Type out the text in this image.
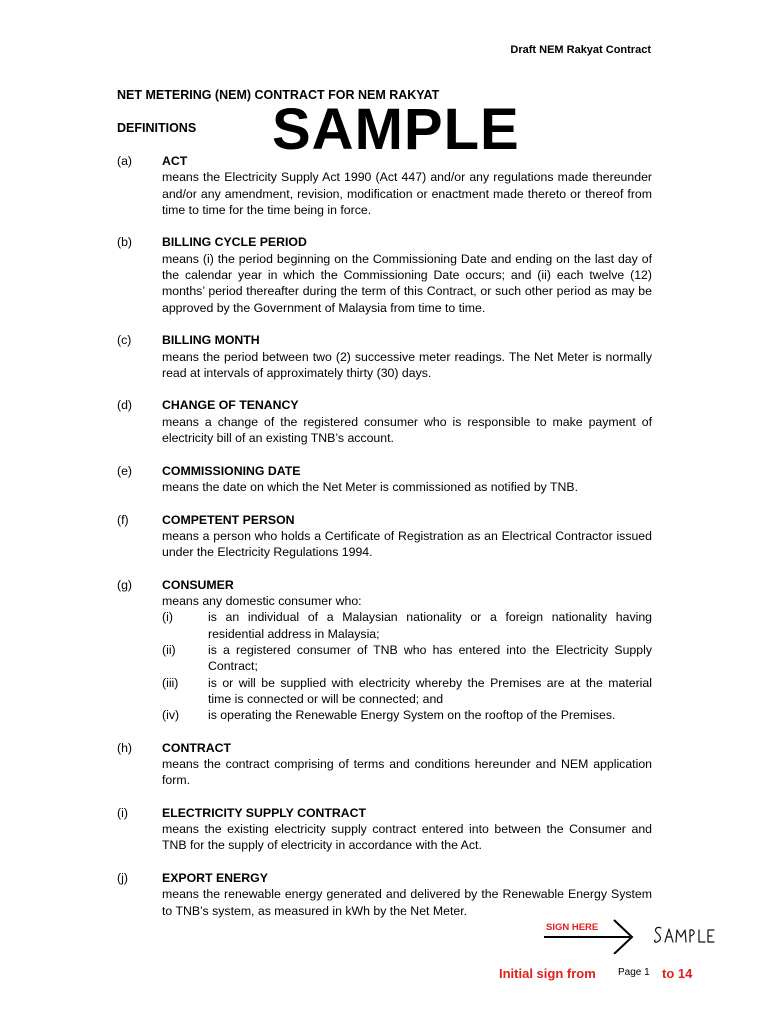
Draft NEM Rakyat Contract
NET METERING (NEM) CONTRACT FOR NEM RAKYAT
DEFINITIONS SAMPLE
(a)	ACT
means the Electricity Supply Act 1990 (Act 447) and/or any regulations made thereunder and/or any amendment, revision, modification or enactment made thereto or thereof from time to time for the time being in force.
(b)	BILLING CYCLE PERIOD
means (i) the period beginning on the Commissioning Date and ending on the last day of the calendar year in which the Commissioning Date occurs; and (ii) each twelve (12) months’ period thereafter during the term of this Contract, or such other period as may be approved by the Government of Malaysia from time to time.
(c)	BILLING MONTH
means the period between two (2) successive meter readings. The Net Meter is normally read at intervals of approximately thirty (30) days.
(d)	CHANGE OF TENANCY
means a change of the registered consumer who is responsible to make payment of electricity bill of an existing TNB’s account.
(e)	COMMISSIONING DATE
means the date on which the Net Meter is commissioned as notified by TNB.
(f)	COMPETENT PERSON
means a person who holds a Certificate of Registration as an Electrical Contractor issued under the Electricity Regulations 1994.
(g)	CONSUMER
means any domestic consumer who:
(i)	is an individual of a Malaysian nationality or a foreign nationality having residential address in Malaysia;
(ii)	is a registered consumer of TNB who has entered into the Electricity Supply Contract;
(iii)	is or will be supplied with electricity whereby the Premises are at the material time is connected or will be connected; and
(iv)	is operating the Renewable Energy System on the rooftop of the Premises.
(h)	CONTRACT
means the contract comprising of terms and conditions hereunder and NEM application form.
(i)	ELECTRICITY SUPPLY CONTRACT
means the existing electricity supply contract entered into between the Consumer and TNB for the supply of electricity in accordance with the Act.
(j)	EXPORT ENERGY
means the renewable energy generated and delivered by the Renewable Energy System to TNB’s system, as measured in kWh by the Net Meter.
SIGN HERE
Initial sign from Page 1 to 14
